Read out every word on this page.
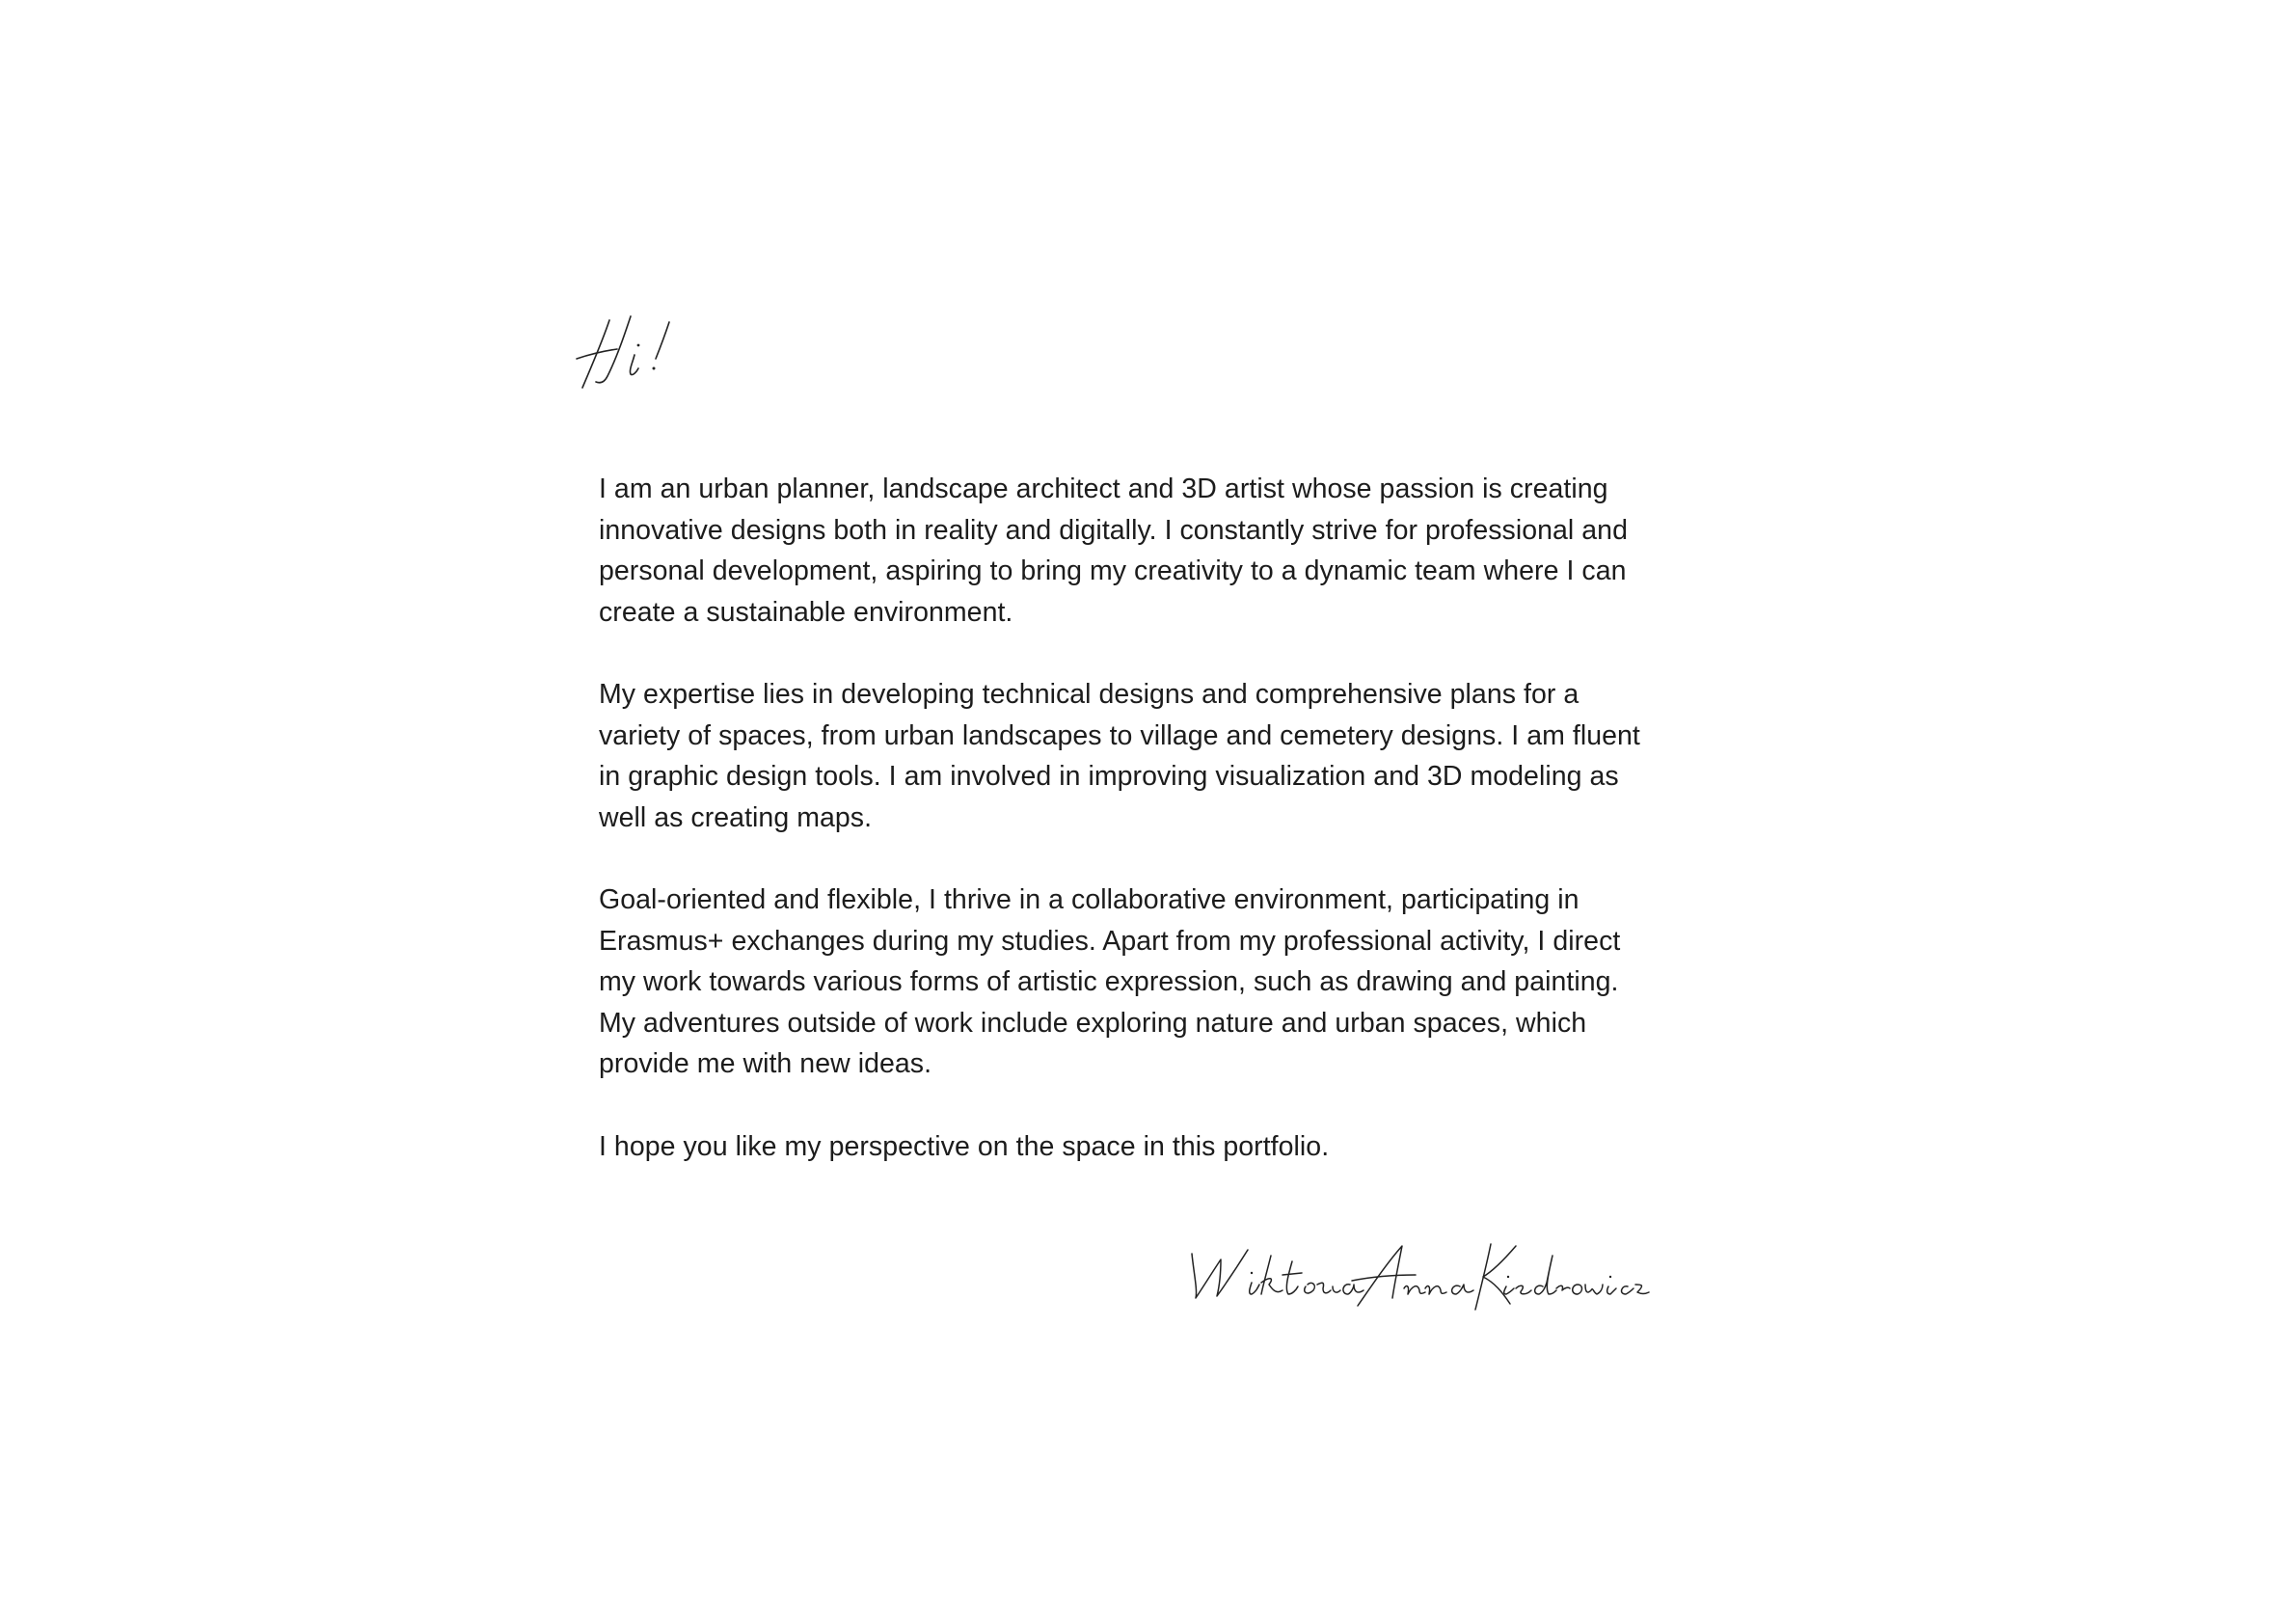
I am an urban planner, landscape architect and 3D artist whose passion is creating innovative designs both in reality and digitally. I constantly strive for professional and personal development, aspiring to bring my creativity to a dynamic team where I can create a sustainable environment.

My expertise lies in developing technical designs and comprehensive plans for a variety of spaces, from urban landscapes to village and cemetery designs. I am fluent in graphic design tools. I am involved in improving visualization and 3D modeling as well as creating maps.

Goal-oriented and flexible, I thrive in a collaborative environment, participating in Erasmus+ exchanges during my studies. Apart from my professional activity, I direct my work towards various forms of artistic expression, such as drawing and painting. My adventures outside of work include exploring nature and urban spaces, which provide me with new ideas.

I hope you like my perspective on the space in this portfolio.
